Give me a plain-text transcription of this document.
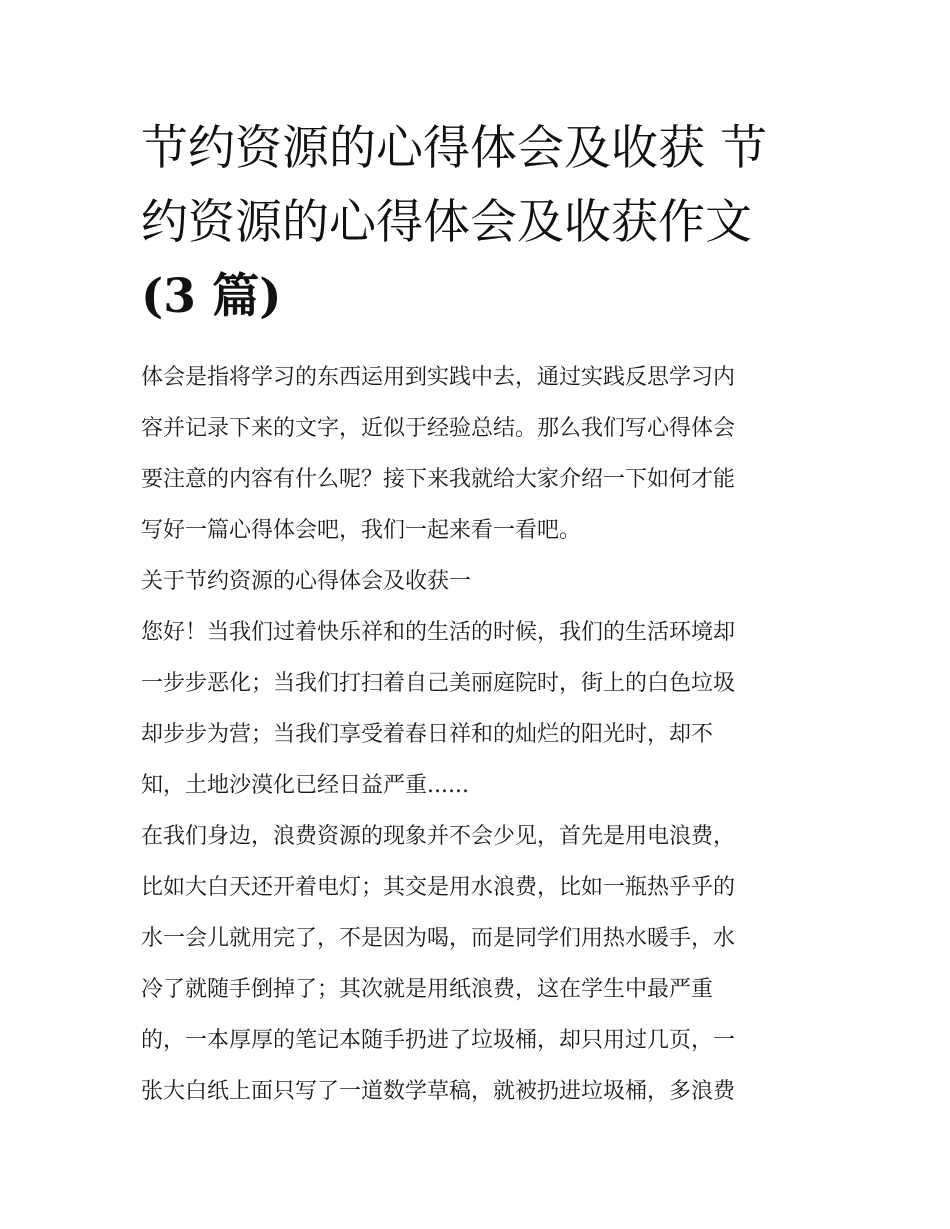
节约资源的心得体会及收获 节
约资源的心得体会及收获作文
(3 篇)

体会是指将学习的东西运用到实践中去，通过实践反思学习内

容并记录下来的文字，近似于经验总结。那么我们写心得体会

要注意的内容有什么呢？接下来我就给大家介绍一下如何才能

写好一篇心得体会吧，我们一起来看一看吧。

关于节约资源的心得体会及收获一

您好！当我们过着快乐祥和的生活的时候，我们的生活环境却

一步步恶化；当我们打扫着自己美丽庭院时，街上的白色垃圾

却步步为营；当我们享受着春日祥和的灿烂的阳光时，却不

知，土地沙漠化已经日益严重......

在我们身边，浪费资源的现象并不会少见，首先是用电浪费，

比如大白天还开着电灯；其交是用水浪费，比如一瓶热乎乎的

水一会儿就用完了，不是因为喝，而是同学们用热水暖手，水

冷了就随手倒掉了；其次就是用纸浪费，这在学生中最严重

的，一本厚厚的笔记本随手扔进了垃圾桶，却只用过几页，一

张大白纸上面只写了一道数学草稿，就被扔进垃圾桶，多浪费
